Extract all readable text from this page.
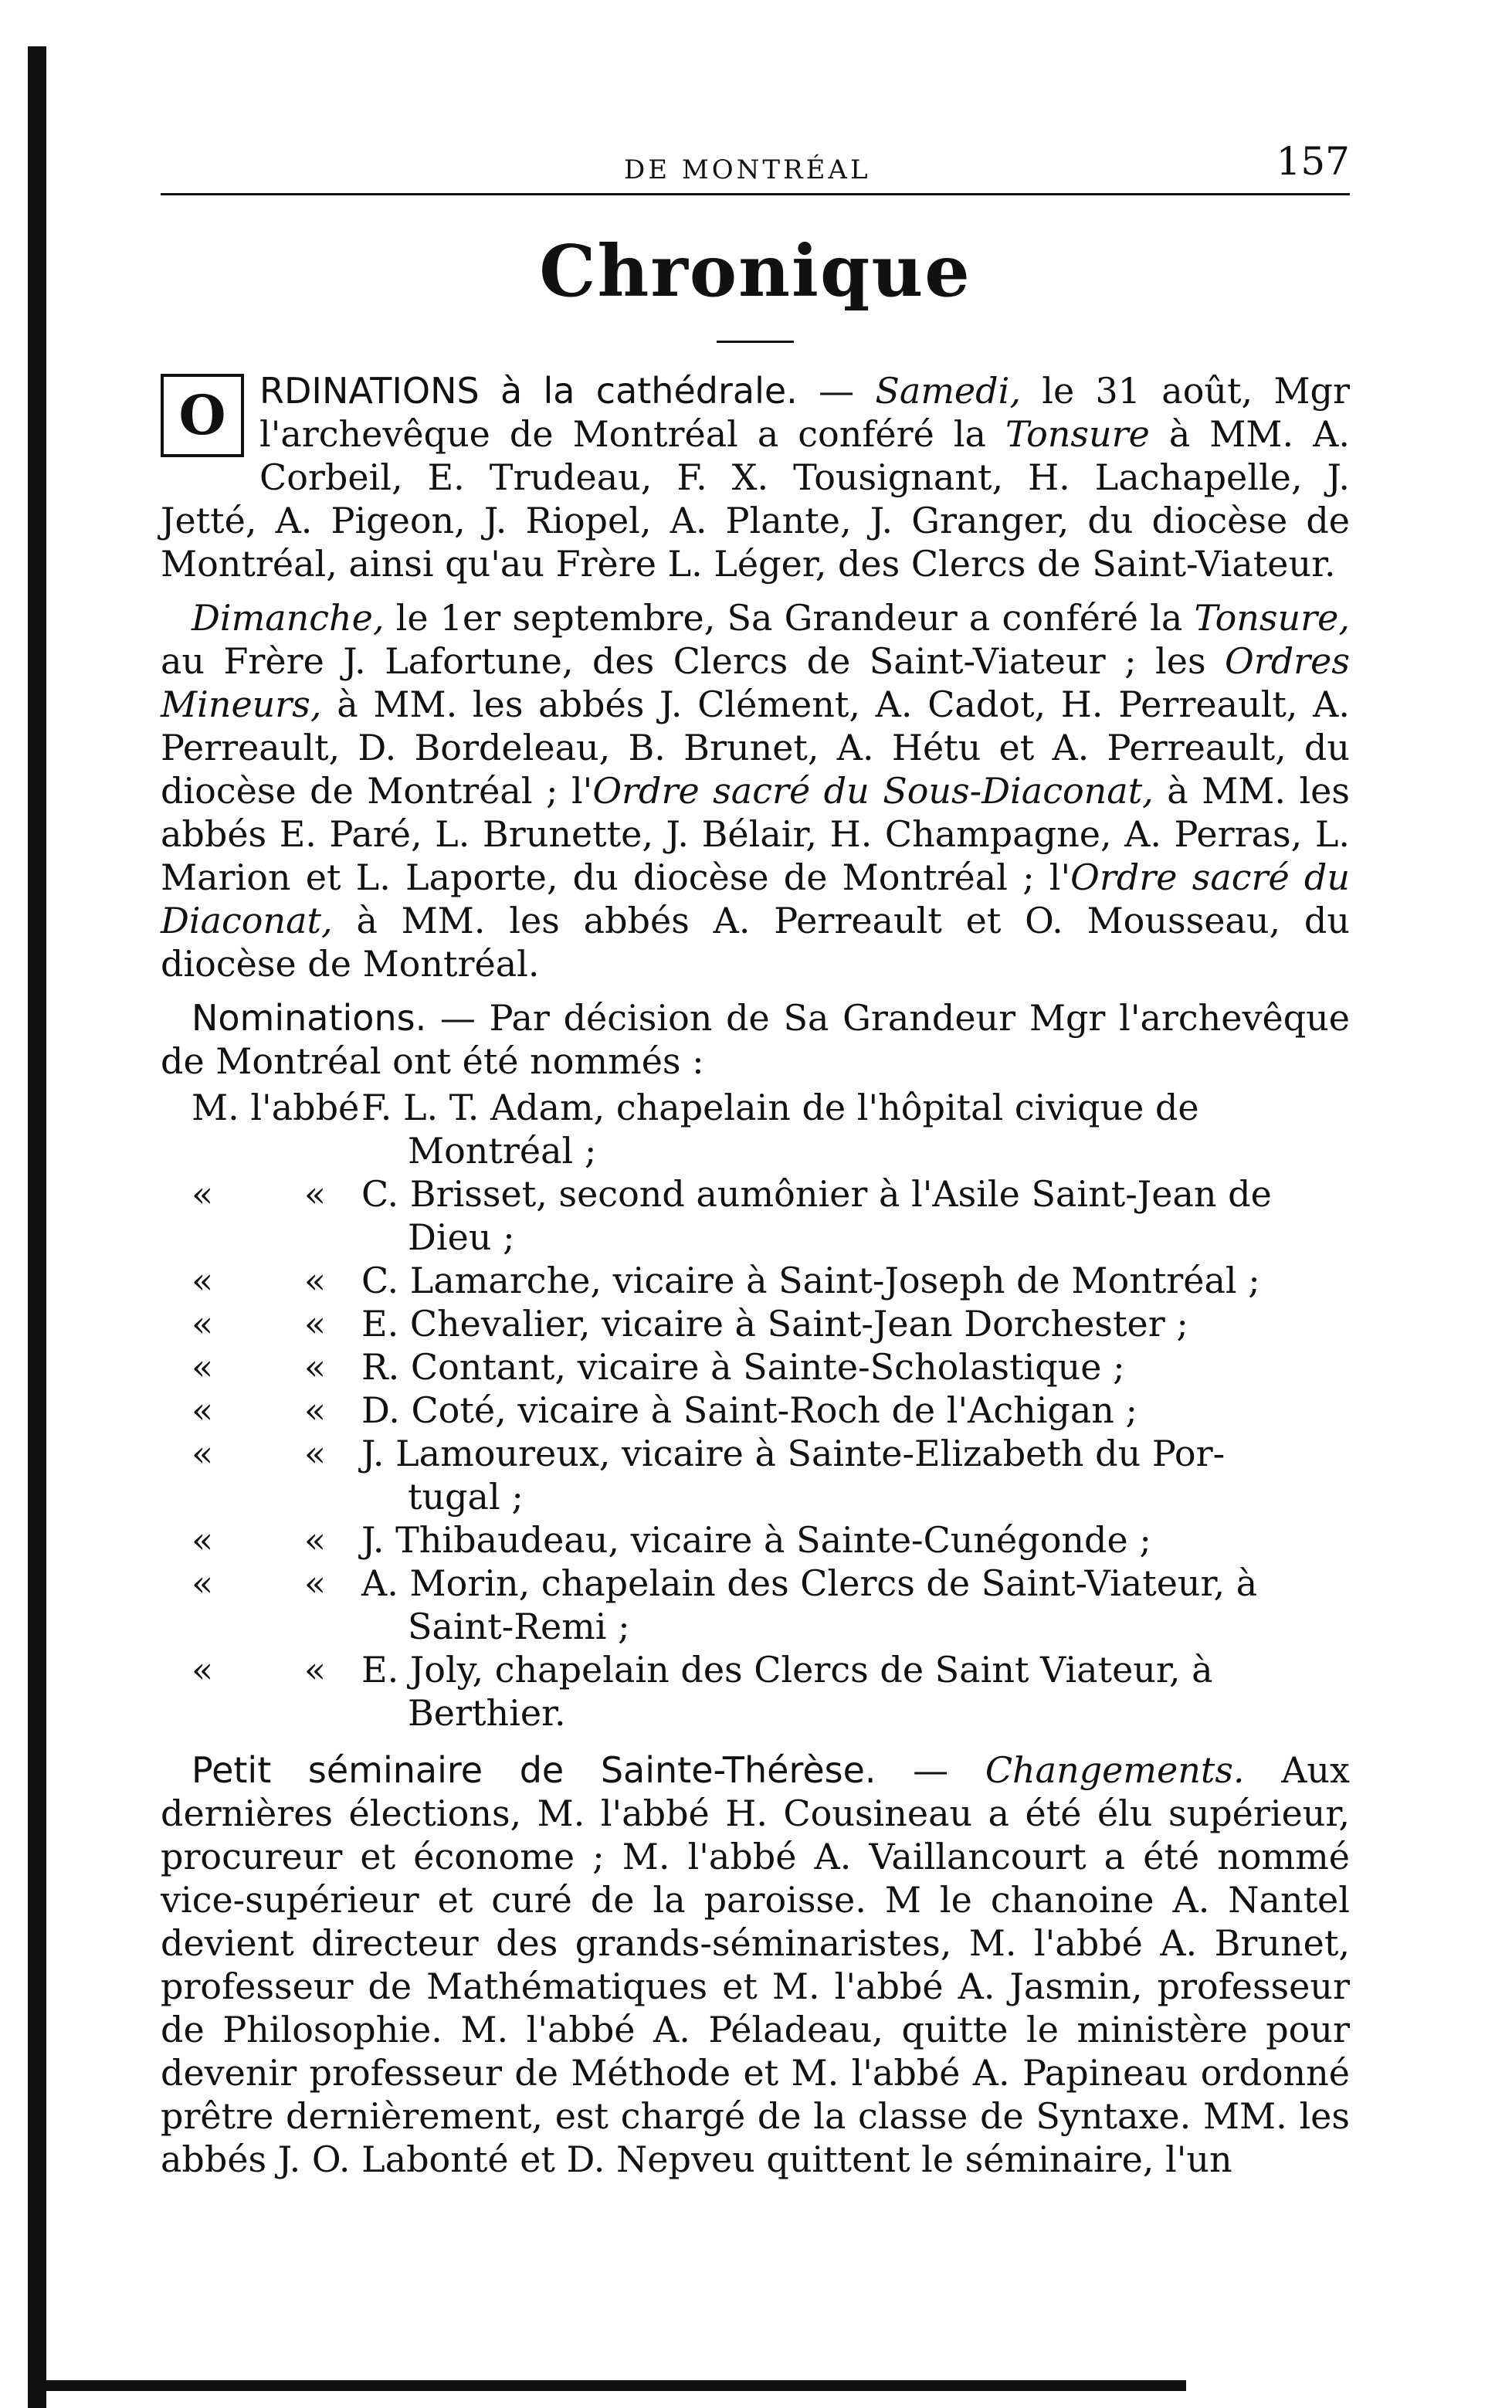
DE MONTRÉAL	157
Chronique

O RDINATIONS à la cathédrale. — Samedi, le 31 août, Mgr l'archevêque de Montréal a conféré la Tonsure à MM. A. Corbeil, E. Trudeau, F. X. Tousignant, H. Lachapelle, J. Jetté, A. Pigeon, J. Riopel, A. Plante, J. Granger, du diocèse de Montréal, ainsi qu'au Frère L. Léger, des Clercs de Saint-Viateur.

Dimanche, le 1er septembre, Sa Grandeur a conféré la Tonsure, au Frère J. Lafortune, des Clercs de Saint-Viateur ; les Ordres Mineurs, à MM. les abbés J. Clément, A. Cadot, H. Perreault, A. Perreault, D. Bordeleau, B. Brunet, A. Hétu et A. Perreault, du diocèse de Montréal ; l'Ordre sacré du Sous-Diaconat, à MM. les abbés E. Paré, L. Brunette, J. Bélair, H. Champagne, A. Perras, L. Marion et L. Laporte, du diocèse de Montréal ; l'Ordre sacré du Diaconat, à MM. les abbés A. Perreault et O. Mousseau, du diocèse de Montréal.

Nominations. — Par décision de Sa Grandeur Mgr l'archevêque de Montréal ont été nommés :

M. l'abbé F. L. T. Adam, chapelain de l'hôpital civique de
Montréal ;
«	« C. Brisset, second aumônier à l'Asile Saint-Jean de
Dieu ;
«	« C. Lamarche, vicaire à Saint-Joseph de Montréal ;
«	« E. Chevalier, vicaire à Saint-Jean Dorchester ;
«	« R. Contant, vicaire à Sainte-Scholastique ;
«	« D. Coté, vicaire à Saint-Roch de l'Achigan ;
«	« J. Lamoureux, vicaire à Sainte-Elizabeth du Por-
tugal ;
«	« J. Thibaudeau, vicaire à Sainte-Cunégonde ;
«	« A. Morin, chapelain des Clercs de Saint-Viateur, à
Saint-Remi ;
«	« E. Joly, chapelain des Clercs de Saint Viateur, à
Berthier.

Petit séminaire de Sainte-Thérèse. — Changements. Aux dernières élections, M. l'abbé H. Cousineau a été élu supérieur, procureur et économe ; M. l'abbé A. Vaillancourt a été nommé vice-supérieur et curé de la paroisse. M le chanoine A. Nantel devient directeur des grands-séminaristes, M. l'abbé A. Brunet, professeur de Mathématiques et M. l'abbé A. Jasmin, professeur de Philosophie. M. l'abbé A. Péladeau, quitte le ministère pour devenir professeur de Méthode et M. l'abbé A. Papineau ordonné prêtre dernièrement, est chargé de la classe de Syntaxe. MM. les abbés J. O. Labonté et D. Nepveu quittent le séminaire, l'un
